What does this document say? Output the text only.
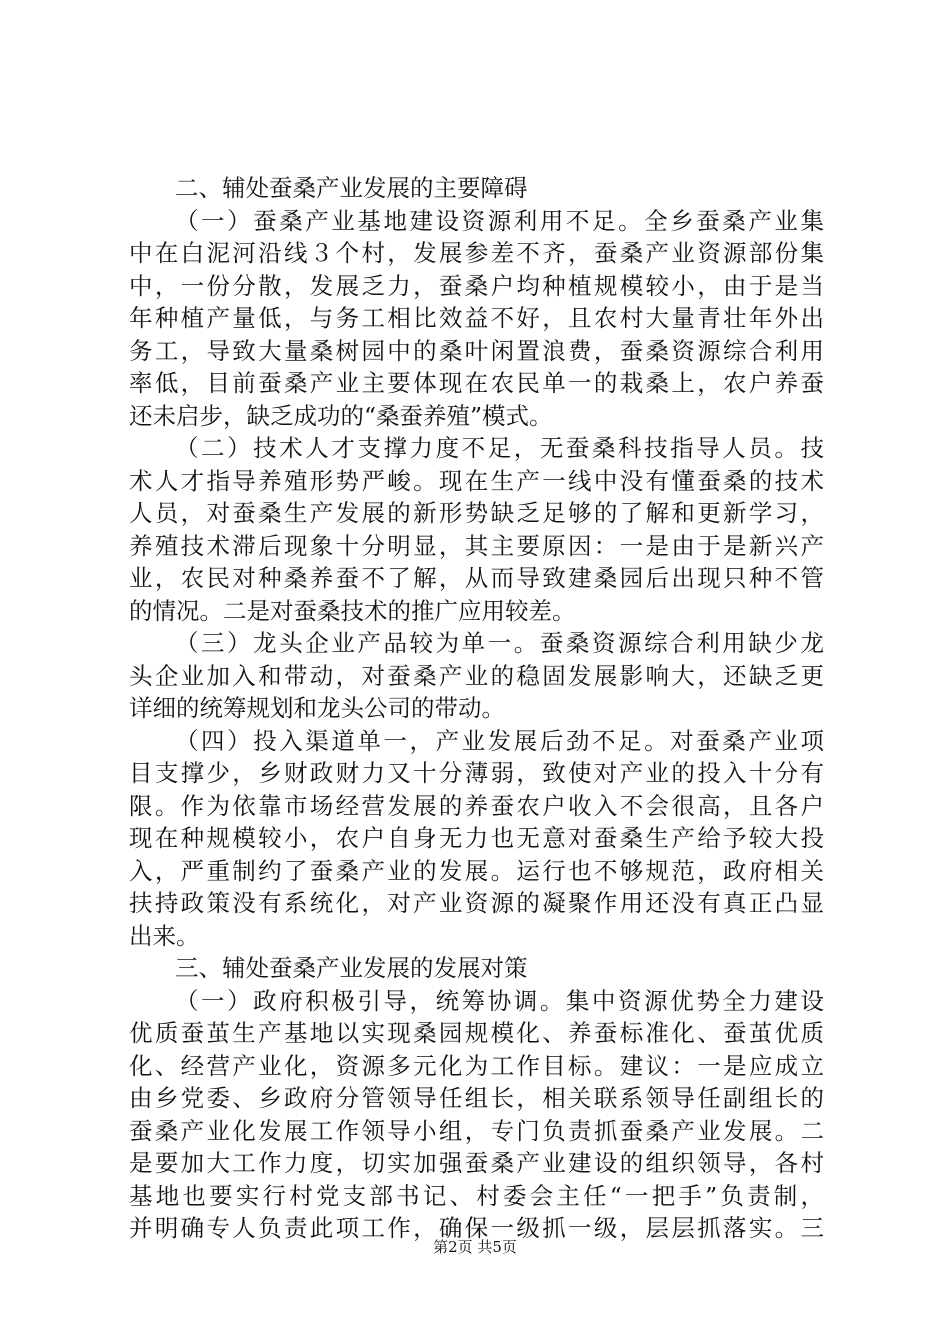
二、辅处蚕桑产业发展的主要障碍
（一）蚕桑产业基地建设资源利用不足。全乡蚕桑产业集
中在白泥河沿线３个村，发展参差不齐，蚕桑产业资源部份集
中，一份分散，发展乏力，蚕桑户均种植规模较小，由于是当
年种植产量低，与务工相比效益不好，且农村大量青壮年外出
务工，导致大量桑树园中的桑叶闲置浪费，蚕桑资源综合利用
率低，目前蚕桑产业主要体现在农民单一的栽桑上，农户养蚕
还未启步，缺乏成功的“桑蚕养殖”模式。
（二）技术人才支撑力度不足，无蚕桑科技指导人员。技
术人才指导养殖形势严峻。现在生产一线中没有懂蚕桑的技术
人员，对蚕桑生产发展的新形势缺乏足够的了解和更新学习，
养殖技术滞后现象十分明显，其主要原因：一是由于是新兴产
业，农民对种桑养蚕不了解，从而导致建桑园后出现只种不管
的情况。二是对蚕桑技术的推广应用较差。
（三）龙头企业产品较为单一。蚕桑资源综合利用缺少龙
头企业加入和带动，对蚕桑产业的稳固发展影响大，还缺乏更
详细的统筹规划和龙头公司的带动。
（四）投入渠道单一，产业发展后劲不足。对蚕桑产业项
目支撑少，乡财政财力又十分薄弱，致使对产业的投入十分有
限。作为依靠市场经营发展的养蚕农户收入不会很高，且各户
现在种规模较小，农户自身无力也无意对蚕桑生产给予较大投
入，严重制约了蚕桑产业的发展。运行也不够规范，政府相关
扶持政策没有系统化，对产业资源的凝聚作用还没有真正凸显
出来。
三、辅处蚕桑产业发展的发展对策
（一）政府积极引导，统筹协调。集中资源优势全力建设
优质蚕茧生产基地以实现桑园规模化、养蚕标准化、蚕茧优质
化、经营产业化，资源多元化为工作目标。建议：一是应成立
由乡党委、乡政府分管领导任组长，相关联系领导任副组长的
蚕桑产业化发展工作领导小组，专门负责抓蚕桑产业发展。二
是要加大工作力度，切实加强蚕桑产业建设的组织领导，各村
基地也要实行村党支部书记、村委会主任“一把手”负责制，
并明确专人负责此项工作，确保一级抓一级，层层抓落实。三
第2页 共5页
